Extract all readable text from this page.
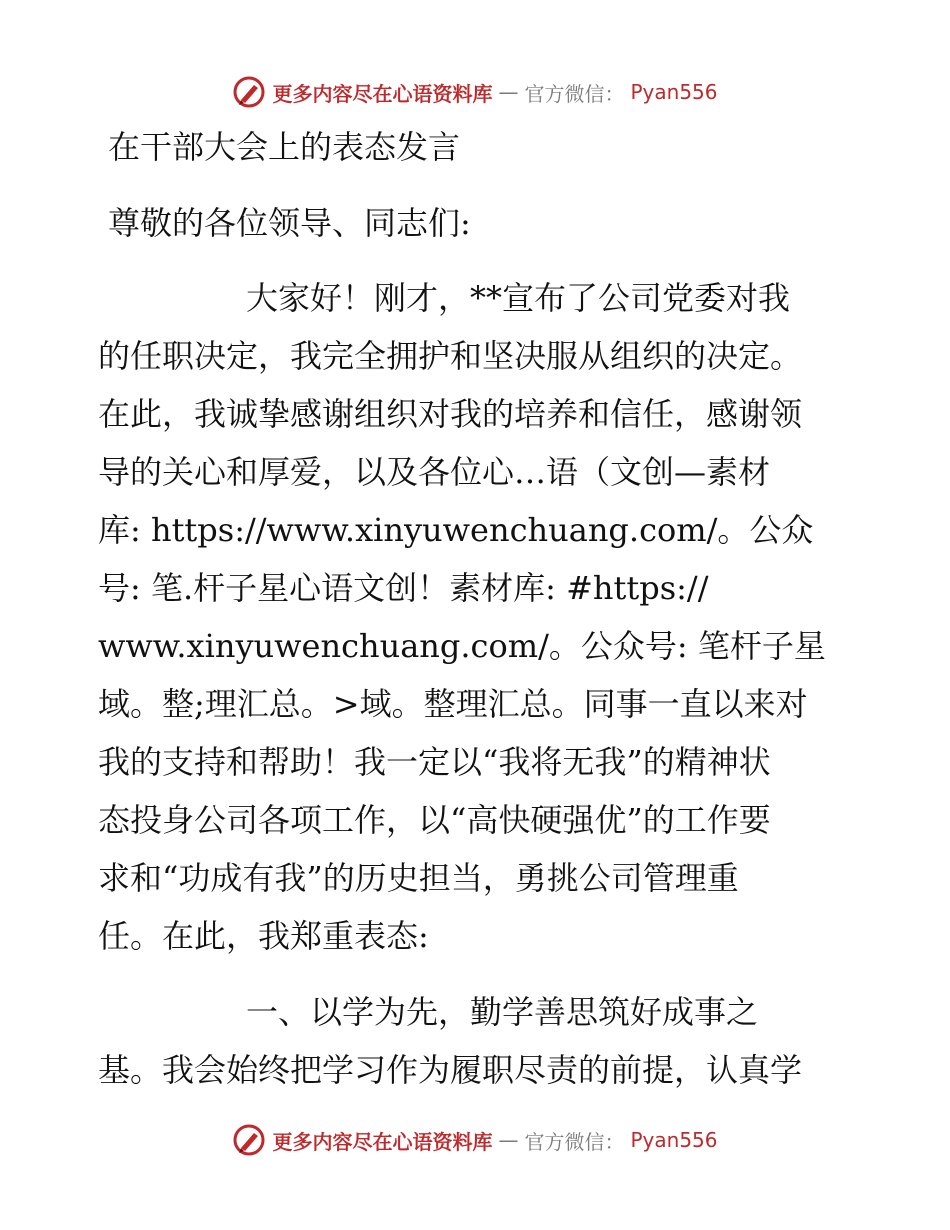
更多内容尽在心语资料库 — 官方微信： Pyan556
在干部大会上的表态发言

尊敬的各位领导、同志们:

大家好！刚才，**宣布了公司党委对我
的任职决定，我完全拥护和坚决服从组织的决定。
在此，我诚挚感谢组织对我的培养和信任，感谢领
导的关心和厚爱，以及各位心…语（文创—素材
库: https://www.xinyuwenchuang.com/。公众
号: 笔.杆子星心语文创！素材库: #https://
www.xinyuwenchuang.com/。公众号: 笔杆子星
域。整;理汇总。>域。整理汇总。同事一直以来对
我的支持和帮助！我一定以“我将无我”的精神状
态投身公司各项工作，以“高快硬强优”的工作要
求和“功成有我”的历史担当，勇挑公司管理重
任。在此，我郑重表态:
一、以学为先，勤学善思筑好成事之
基。我会始终把学习作为履职尽责的前提，认真学
更多内容尽在心语资料库 — 官方微信： Pyan556
